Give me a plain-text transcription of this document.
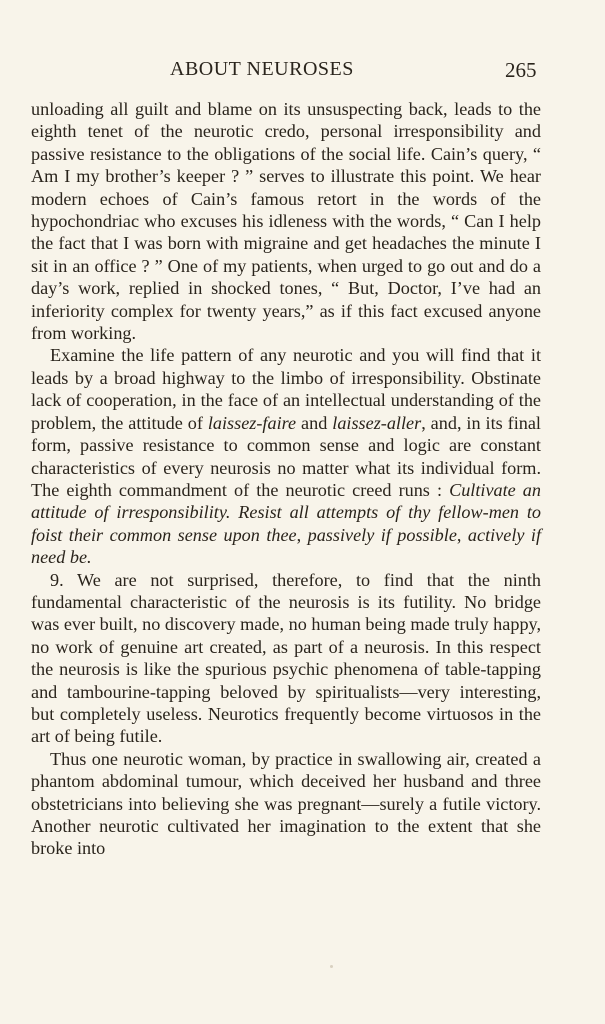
ABOUT NEUROSES	265

unloading all guilt and blame on its unsuspecting back, leads to the eighth tenet of the neurotic credo, personal irresponsibility and passive resistance to the obligations of the social life. Cain’s query, “ Am I my brother’s keeper ? ” serves to illustrate this point. We hear modern echoes of Cain’s famous retort in the words of the hypochondriac who excuses his idleness with the words, “ Can I help the fact that I was born with migraine and get headaches the minute I sit in an office ? ” One of my patients, when urged to go out and do a day’s work, replied in shocked tones, “ But, Doctor, I’ve had an inferiority complex for twenty years,” as if this fact excused anyone from working.

Examine the life pattern of any neurotic and you will find that it leads by a broad highway to the limbo of irresponsibility. Obstinate lack of cooperation, in the face of an intellectual understanding of the problem, the attitude of laissez-faire and laissez-aller, and, in its final form, passive resistance to common sense and logic are constant characteristics of every neurosis no matter what its individual form. The eighth commandment of the neurotic creed runs : Cultivate an attitude of irresponsibility. Resist all attempts of thy fellow-men to foist their common sense upon thee, passively if possible, actively if need be.

9. We are not surprised, therefore, to find that the ninth fundamental characteristic of the neurosis is its futility. No bridge was ever built, no discovery made, no human being made truly happy, no work of genuine art created, as part of a neurosis. In this respect the neurosis is like the spurious psychic phenomena of table-tapping and tambourine-tapping beloved by spiritualists—very interesting, but completely useless. Neurotics frequently become virtuosos in the art of being futile.

Thus one neurotic woman, by practice in swallowing air, created a phantom abdominal tumour, which deceived her husband and three obstetricians into believing she was pregnant—surely a futile victory. Another neurotic cultivated her imagination to the extent that she broke into
